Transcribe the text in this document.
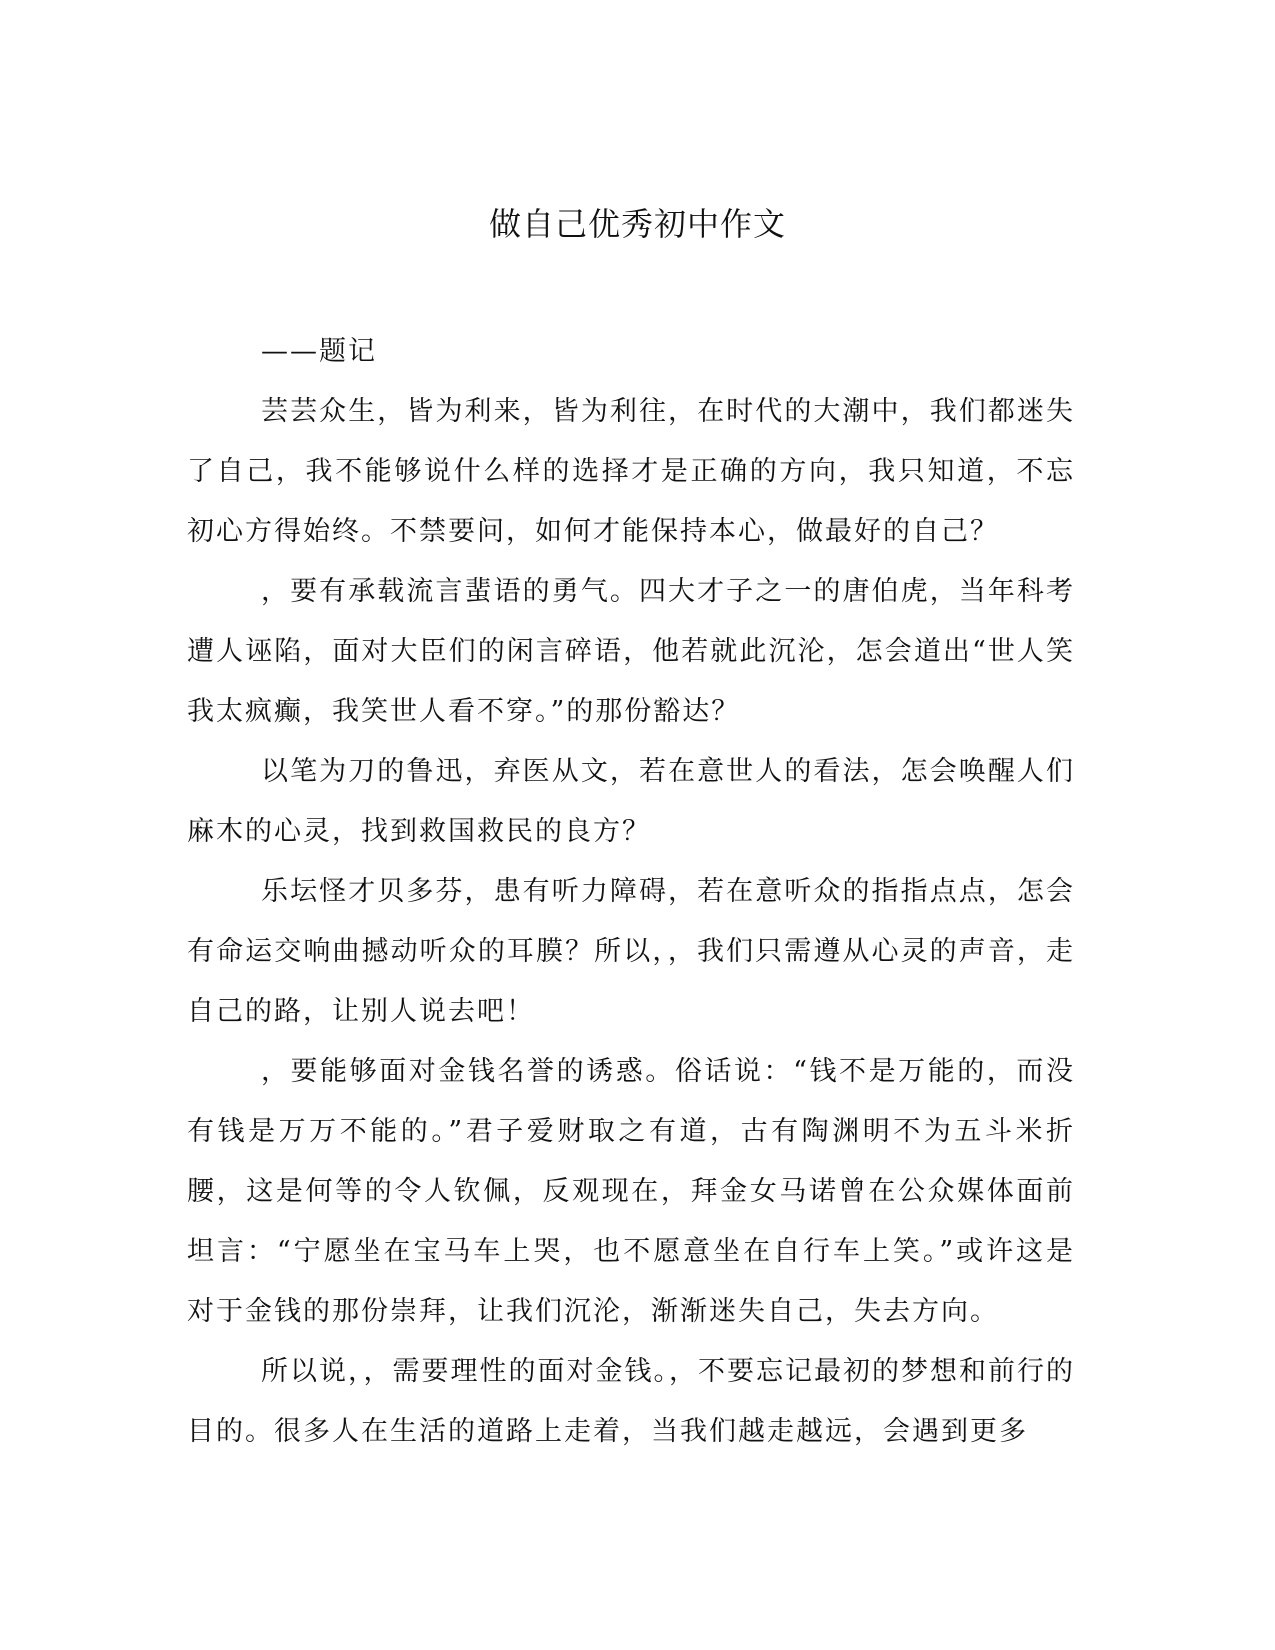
做自己优秀初中作文

——题记

芸芸众生，皆为利来，皆为利往，在时代的大潮中，我们都迷失了自己，我不能够说什么样的选择才是正确的方向，我只知道，不忘初心方得始终。不禁要问，如何才能保持本心，做最好的自己？

，要有承载流言蜚语的勇气。四大才子之一的唐伯虎，当年科考遭人诬陷，面对大臣们的闲言碎语，他若就此沉沦，怎会道出“世人笑我太疯癫，我笑世人看不穿。”的那份豁达？

以笔为刀的鲁迅，弃医从文，若在意世人的看法，怎会唤醒人们麻木的心灵，找到救国救民的良方？

乐坛怪才贝多芬，患有听力障碍，若在意听众的指指点点，怎会有命运交响曲撼动听众的耳膜？所以，，我们只需遵从心灵的声音，走自己的路，让别人说去吧！

，要能够面对金钱名誉的诱惑。俗话说：“钱不是万能的，而没有钱是万万不能的。”君子爱财取之有道，古有陶渊明不为五斗米折腰，这是何等的令人钦佩，反观现在，拜金女马诺曾在公众媒体面前坦言：“宁愿坐在宝马车上哭，也不愿意坐在自行车上笑。”或许这是对于金钱的那份崇拜，让我们沉沦，渐渐迷失自己，失去方向。

所以说，，需要理性的面对金钱。，不要忘记最初的梦想和前行的目的。很多人在生活的道路上走着，当我们越走越远，会遇到更多
